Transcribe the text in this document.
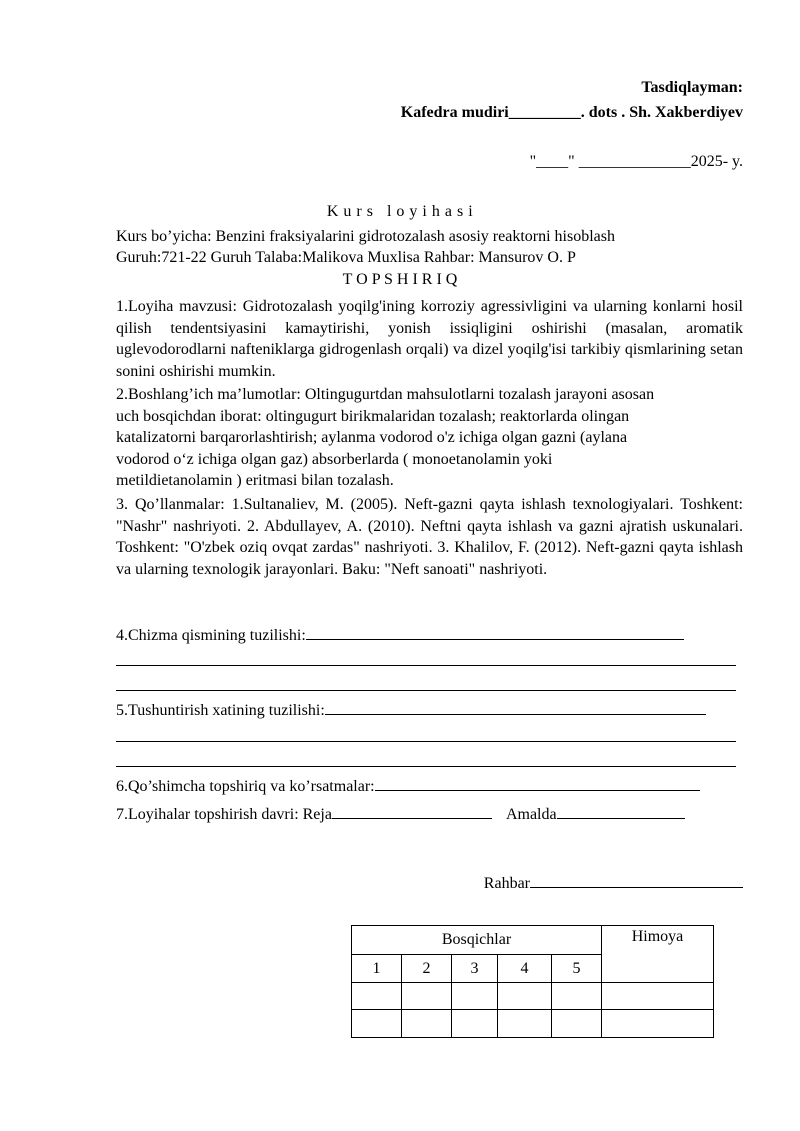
Tasdiqlayman:
Kafedra mudiri_________. dots . Sh. Xakberdiyev
"____" ______________2025- y.
K u r s   l o y i h a s i
Kurs bo’yicha: Benzini fraksiyalarini gidrotozalash asosiy reaktorni hisoblash
Guruh:721-22 Guruh Talaba:Malikova Muxlisa Rahbar: Mansurov O. P
T O P S H I R I Q
1.Loyiha mavzusi: Gidrotozalash yoqilg'ining korroziy agressivligini va ularning konlarni hosil qilish tendentsiyasini kamaytirishi, yonish issiqligini oshirishi (masalan, aromatik uglevodorodlarni nafteniklarga gidrogenlash orqali) va dizel yoqilg'isi tarkibiy qismlarining setan sonini oshirishi mumkin.
2.Boshlang’ich ma’lumotlar: Oltingugurtdan mahsulotlarni tozalash jarayoni asosan
uch bosqichdan iborat: oltingugurt birikmalaridan tozalash; reaktorlarda olingan
katalizatorni barqarorlashtirish; aylanma vodorod o'z ichiga olgan gazni (aylana
vodorod o‘z ichiga olgan gaz) absorberlarda ( monoetanolamin yoki
metildietanolamin ) eritmasi bilan tozalash.
3. Qo’llanmalar: 1.Sultanaliev, M. (2005). Neft-gazni qayta ishlash texnologiyalari. Toshkent: "Nashr" nashriyoti. 2. Abdullayev, A. (2010). Neftni qayta ishlash va gazni ajratish uskunalari. Toshkent: "O'zbek oziq ovqat zardas" nashriyoti. 3. Khalilov, F. (2012). Neft-gazni qayta ishlash va ularning texnologik jarayonlari. Baku: "Neft sanoati" nashriyoti.
4.Chizma qismining tuzilishi:
5.Tushuntirish xatining tuzilishi:
6.Qo’shimcha topshiriq va ko’rsatmalar:
7.Loyihalar topshirish davri: Reja	Amalda
Rahbar
Bosqichlar					Himoya
1	2	3	4	5	
